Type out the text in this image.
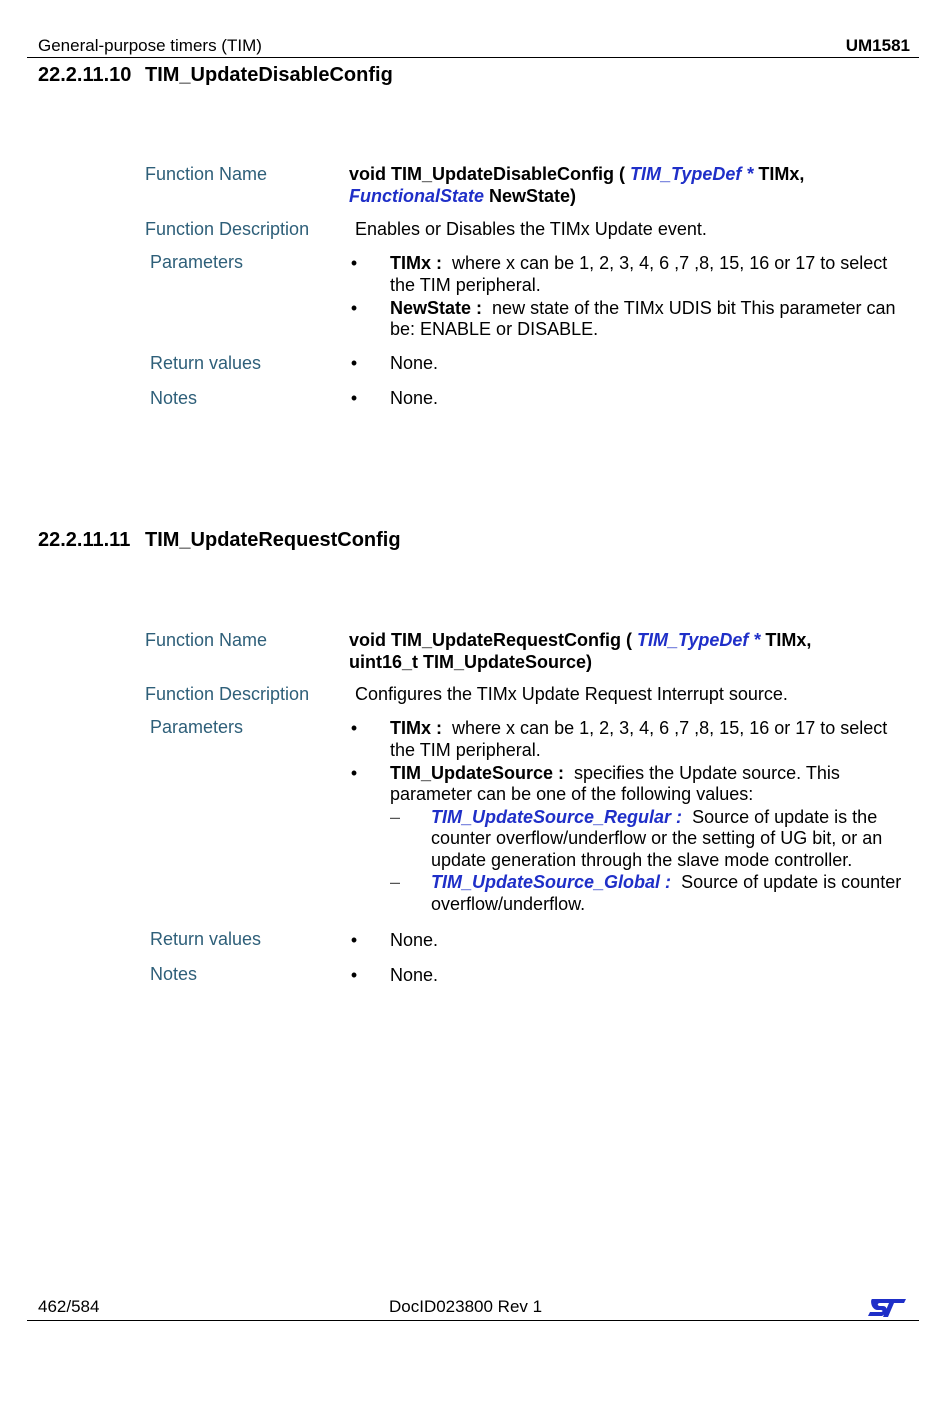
General-purpose timers (TIM)	UM1581
22.2.11.10 TIM_UpdateDisableConfig
Function Name	void TIM_UpdateDisableConfig ( TIM_TypeDef * TIMx,
FunctionalState NewState)
Function Description	Enables or Disables the TIMx Update event.
Parameters	• TIMx : where x can be 1, 2, 3, 4, 6 ,7 ,8, 15, 16 or 17 to select the TIM peripheral.
• NewState : new state of the TIMx UDIS bit This parameter can be: ENABLE or DISABLE.
Return values	• None.
Notes	• None.
22.2.11.11 TIM_UpdateRequestConfig
Function Name	void TIM_UpdateRequestConfig ( TIM_TypeDef * TIMx,
uint16_t TIM_UpdateSource)
Function Description	Configures the TIMx Update Request Interrupt source.
Parameters	• TIMx : where x can be 1, 2, 3, 4, 6 ,7 ,8, 15, 16 or 17 to select the TIM peripheral.
• TIM_UpdateSource : specifies the Update source. This parameter can be one of the following values:
– TIM_UpdateSource_Regular : Source of update is the counter overflow/underflow or the setting of UG bit, or an update generation through the slave mode controller.
– TIM_UpdateSource_Global : Source of update is counter overflow/underflow.
Return values	• None.
Notes	• None.
462/584	DocID023800 Rev 1
